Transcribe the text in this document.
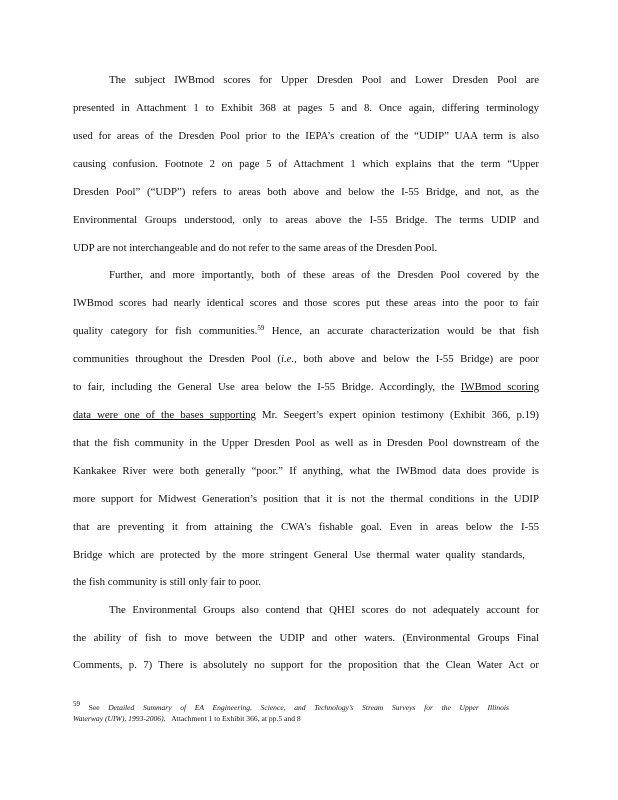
The subject IWBmod scores for Upper Dresden Pool and Lower Dresden Pool are
presented in Attachment 1 to Exhibit 368 at pages 5 and 8. Once again, differing terminology
used for areas of the Dresden Pool prior to the IEPA’s creation of the “UDIP” UAA term is also
causing confusion. Footnote 2 on page 5 of Attachment 1 which explains that the term “Upper
Dresden Pool” (“UDP”) refers to areas both above and below the I-55 Bridge, and not, as the
Environmental Groups understood, only to areas above the I-55 Bridge. The terms UDIP and
UDP are not interchangeable and do not refer to the same areas of the Dresden Pool.
Further, and more importantly, both of these areas of the Dresden Pool covered by the
IWBmod scores had nearly identical scores and those scores put these areas into the poor to fair
quality category for fish communities.$^{59}$ Hence, an accurate characterization would be that fish
communities throughout the Dresden Pool (i.e., both above and below the I-55 Bridge) are poor
to fair, including the General Use area below the I-55 Bridge. Accordingly, the IWBmod scoring
data were one of the bases supporting Mr. Seegert’s expert opinion testimony (Exhibit 366, p.19)
that the fish community in the Upper Dresden Pool as well as in Dresden Pool downstream of the
Kankakee River were both generally “poor.” If anything, what the IWBmod data does provide is
more support for Midwest Generation’s position that it is not the thermal conditions in the UDIP
that are preventing it from attaining the CWA’s fishable goal. Even in areas below the I-55
Bridge which are protected by the more stringent General Use thermal water quality standards,
the fish community is still only fair to poor.
The Environmental Groups also contend that QHEI scores do not adequately account for
the ability of fish to move between the UDIP and other waters. (Environmental Groups Final
Comments, p. 7) There is absolutely no support for the proposition that the Clean Water Act or
$^{59}$ See Detailed Summary of EA Engineering, Science, and Technology’s Stream Surveys for the Upper Illinois
Waterway (UIW), 1993-2006), Attachment 1 to Exhibit 366, at pp.5 and 8
